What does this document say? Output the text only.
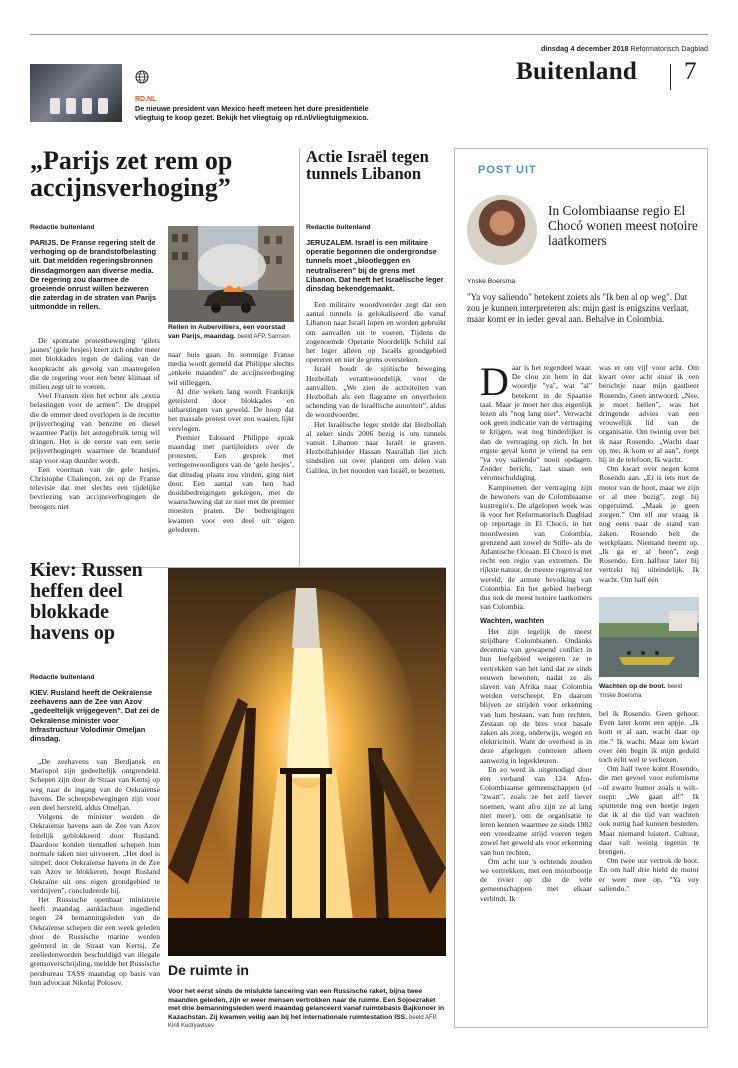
dinsdag 4 december 2018 Reformatorisch Dagblad
Buitenland 7
RD.NL
De nieuwe president van Mexico heeft meteen het dure presidentiële vliegtuig te koop gezet. Bekijk het vliegtuig op rd.nl/vliegtuigmexico.
„Parijs zet rem op accijnsverhoging”
Redactie buitenland
PARIJS. De Franse regering stelt de verhoging op de brandstofbelasting uit. Dat meldden regeringsbronnen dinsdagmorgen aan diverse media. De regering zou daarmee de groeiende onrust willen bezweren die zaterdag in de straten van Parijs uitmondde in rellen.

De spontane protestbeweging ‘gilets jaunes’ (gele hesjes) keert zich onder meer met blokkades tegen de daling van de koopkracht als gevolg van maatregelen die de regering voor een beter klimaat of milieu zegt uit te voeren.

Veel Fransen zien het echter als „extra belastingen voor de armen”. De druppel die de emmer deed overlopen is de recente prijsverhoging van benzine en diesel waarmee Parijs het autogebruik terug wil dringen. Het is de eerste van een serie prijsverhogingen waarmee de brandstof stap voor stap duurder wordt.

Een voorman van de gele hesjes, Christophe Chalençon, zei op de Franse televisie dat met slechts een tijdelijke bevriezing van accijnsverhogingen de betogers niet

Rellen in Aubervilliers, een voorstad van Parijs, maandag. beeld AFP, Samson

naar huis gaan. In sommige Franse media wordt gemeld dat Philippe slechts „enkele maanden” de accijnsverhoging wil stilleggen.

Al drie weken lang wordt Frankrijk geteisterd door blokkades en uitbarstingen van geweld. De hoop dat het massale protest over zou waaien, lijkt vervlogen.

Premier Edouard Philippe sprak maandag met partijleiders over de protesten. Een gesprek met vertegenwoordigers van de ‘gele hesjes’, dat dinsdag plaats zou vinden, ging niet door. Een aantal van hen had doodsbedreigingen gekregen, met de waarschuwing dat ze niet met de premier moesten praten. De bedreigingen kwamen voor een deel uit eigen gelederen.

Actie Israël tegen tunnels Libanon
Redactie buitenland
JERUZALEM. Israël is een militaire operatie begonnen die ondergrondse tunnels moet „blootleggen en neutraliseren” bij de grens met Libanon. Dat heeft het Israëlische leger dinsdag bekendgemaakt.

Een militaire woordvoerder zegt dat een aantal tunnels is gelokaliseerd die vanaf Libanon naar Israël lopen en worden gebruikt om aanvallen uit te voeren. Tijdens de zogenoemde Operatie Noordelijk Schild zal het leger alleen op Israëls grondgebied opereren en niet de grens oversteken.

Israël houdt de sjiitische beweging Hezbollah verantwoordelijk voor de aanvallen. „We zien de activiteiten van Hezbollah als een flagrante en onverholen schending van de Israëlische autoriteit”, aldus de woordvoerder.

Het Israëlische leger stelde dat Hezbollah al zeker sinds 2006 bezig is om tunnels vanuit Libanon naar Israël te graven. Hezbollahleider Hassan Nasrallah liet zich sindsdien uit over plannen om delen van Galilea, in het noorden van Israël, te bezetten.

Kiev: Russen heffen deel blokkade havens op
Redactie buitenland
KIEV. Rusland heeft de Oekraïense zeehavens aan de Zee van Azov „gedeeltelijk vrijgegeven”. Dat zei de Oekraïense minister voor Infrastructuur Volodimir Omeljan dinsdag.

„De zeehavens van Berdjansk en Mariopol zijn gedeeltelijk ontgrendeld. Schepen zijn door de Straat van Kertsj op weg naar de ingang van de Oekraïense havens. De scheepsbewegingen zijn voor een deel hersteld, aldus Omeljan.

Volgens de minister werden de Oekraïense havens aan de Zee van Azov feitelijk geblokkeerd door Rusland. Daardoor konden tientallen schepen hun normale taken niet uitvoeren. „Het doel is simpel: door Oekraïense havens in de Zee van Azov te blokkeren, hoopt Rusland Oekraïne uit ons eigen grondgebied te verdrijven”, concludeerde hij.

Het Russische openbaar ministerie heeft maandag aanklachten ingediend tegen 24 bemanningsleden van de Oekraïense schepen die een week geleden door de Russische marine werden geënterd in de Straat van Kertsj. Ze zeeliedenworden beschuldigd van illegale grensoverschrijding, meldde het Russische persbureau TASS maandag op basis van hun advocaat Nikolaj Polosov.

De ruimte in
Voor het eerst sinds de mislukte lancering van een Russische raket, bijna twee maanden geleden, zijn er weer mensen vertrokken naar de ruimte. Een Sojoezraket met drie bemanningsleden werd maandag gelanceerd vanaf ruimtebasis Bajkonoer in Kazachstan. Zij kwamen veilig aan bij het internationale ruimtestation ISS. beeld AFP, Kirill Kudryavtsev
POST UIT
In Colombiaanse regio El Chocó wonen meest notoire laatkomers
Ynske Boersma
"Ya voy saliendo" betekent zoiets als "Ik ben al op weg". Dat zou je kunnen interpreteren als: mijn gast is enigszins verlaat, maar komt er in ieder geval aan. Behalve in Colombia.
D aar is het tegendeel waar. De clou zit hem in dat woordje "ya", wat "al" betekent in de Spaanse taal. Maar je moet het dus eigenlijk lezen als "nog lang niet". Verwacht ook geen indicatie van de vertraging te krijgen, wat nog hinderlijker is dan de vertraging op zich. In het ergste geval komt je vriend na een "ya voy saliendo" nooit opdagen. Zonder bericht, laat staan een verontschuldiging.

Kampioenen der vertraging zijn de bewoners van de Colombiaanse kustregio's. De afgelopen week was ik voor het Reformatorisch Dagblad op reportage in El Chocó, in het noordwesten van Colombia, grenzend aan zowel de Stille- als de Atlantische Oceaan. El Chocó is met recht een regio van extremen. De rijkste natuur, de meeste regenval ter wereld, de armste bevolking van Colombia. En het gebied herbergt dus ook de meest notoire laatkomers van Colombia.

Wachten, wachten

Het zijn tegelijk de meest strijdbare Colombianen. Ondanks decennia van gewapend conflict in hun leefgebied weigeren ze te vertrekken van het land dat ze sinds eeuwen bewonen, nadat ze als slaven van Afrika naar Colombia werden verscheept. En daarom blijven ze strijden voor erkenning van hun bestaan, van hun rechten. Zestaan op de bres voor basale zaken als zorg, onderwijs, wegen en elektriciteit. Want de overheid is in deze afgelegen contreien alleen aanwezig in legerkleuren.

En zo werd ik uitgenodigd door een verband van 124 Afro-Colombiaanse gemeenschappen (of "zwart", zoals ze het zelf liever noemen, want afro zijn ze al lang niet meer), om de organisatie te leren kennen waarmee ze sinds 1982 een vreedzame strijd voeren tegen zowel het geweld als voor erkenning van hun rechten.

Om acht uur 's ochtends zouden we vertrekken, met een motorbootje de rivier op die de vele gemeenschappen met elkaar verbindt. Ik

was er om vijf voor acht. Om kwart over acht stuur ik een berichtje naar mijn gastheer Rosendo. Geen antwoord. „Nee, je moet bellen”, was het dringende advies van een vrouwelijk lid van de organisatie. Om twintig over bel ik naar Rosendo. „Wacht daar op me, ik kom er al aan”, roept hij in de telefoon. Ik wacht.

Om kwart over negen komt Rosendo aan. „Er is iets met de motor van de boot, maar we zijn er al mee bezig”, zegt hij opgeruimd. „Maak je geen zorgen.” Om elf uur vraag ik nog eens naar de stand van zaken. Rosendo belt de werkplaats. Niemand neemt op. „Ik ga er al heen”, zegt Rosendo. Een halfuur later hij vertrekt hij uiteindelijk. Ik wacht. Om half één

Wachten op de boot. beeld Ynske Boersma

bel ik Rosendo. Geen gehoor. Even later komt een appje. „Ik kom er al aan, wacht daar op me.” Ik wacht. Maar om kwart over één begin ik mijn geduld toch echt wel te verliezen.

Om half twee komt Rosendo, die met gevoel voor eufemisme –of zwarte humor zoals u wilt– roept: „We gaan al!” Ik sputterde nog een beetje tegen dat ik al die tijd van wachten ook nuttig had kunnen besteden. Maar niemand luistert. Cultuur, daar valt weinig tegenin te brengen.

Om twee uur vertrok de boot. En om half drie hield de motor er weer mee op. "Ya voy saliendo."
